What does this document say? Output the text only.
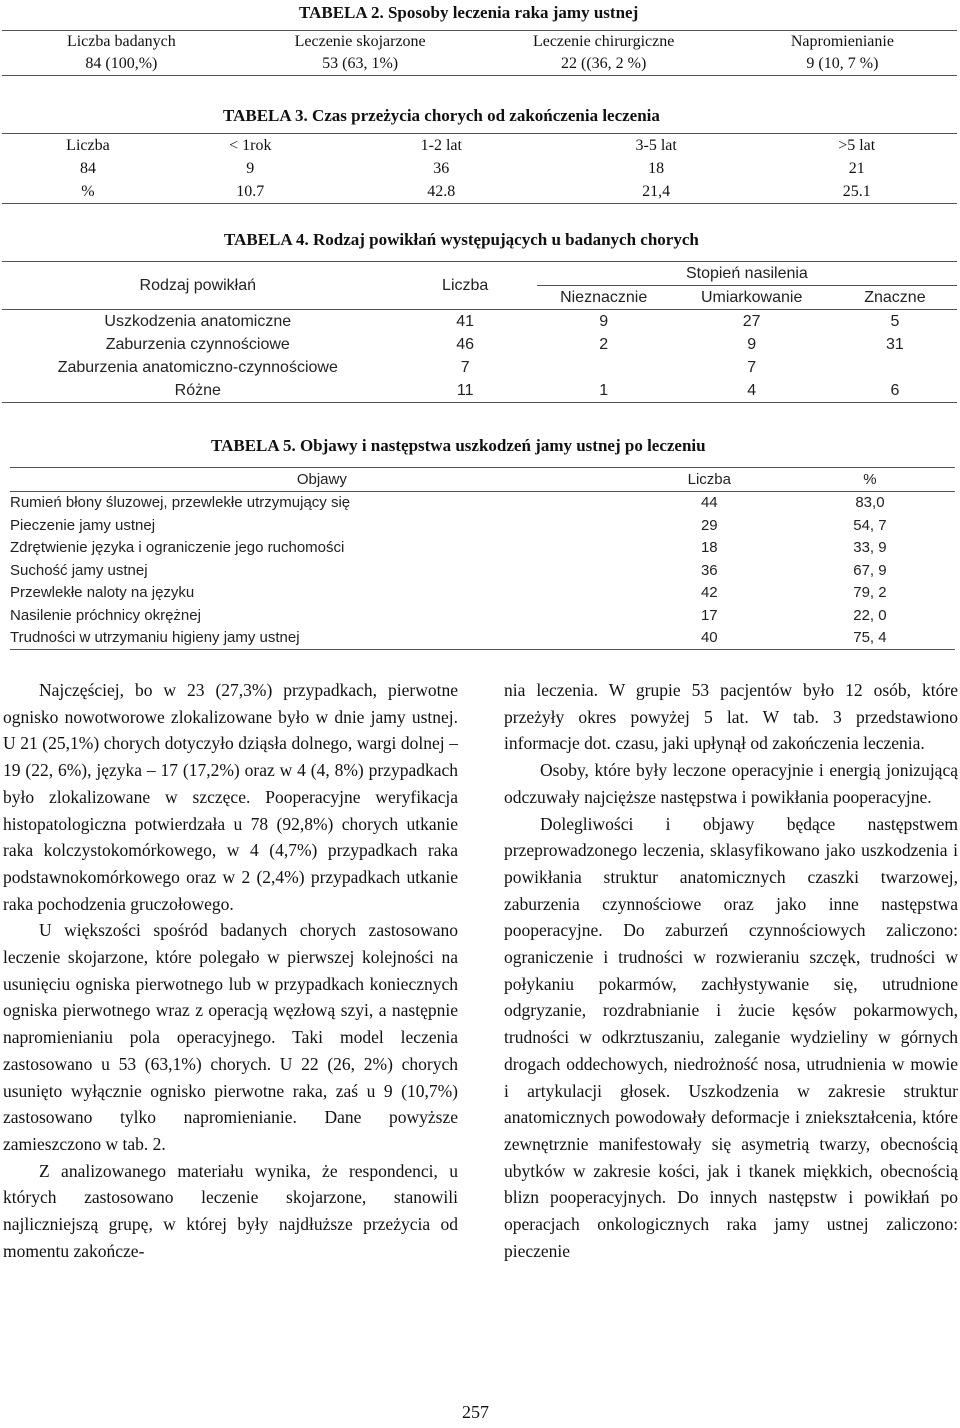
TABELA 2. Sposoby leczenia raka jamy ustnej
Liczba badanych	Leczenie skojarzone	Leczenie chirurgiczne	Napromienianie
84 (100,%)	53 (63, 1%)	22 ((36, 2 %)	9 (10, 7 %)
TABELA 3. Czas przeżycia chorych od zakończenia leczenia
Liczba	< 1rok	1-2 lat	3-5 lat	>5 lat
84	9	36	18	21
%	10.7	42.8	21,4	25.1
TABELA 4. Rodzaj powikłań występujących u badanych chorych
Rodzaj powikłań	Liczba	Stopień nasilenia		
		Nieznacznie	Umiarkowanie	Znaczne
Uszkodzenia anatomiczne	41	9	27	5
Zaburzenia czynnościowe	46	2	9	31
Zaburzenia anatomiczno-czynnościowe	7		7	
Różne	11	1	4	6
TABELA 5. Objawy i następstwa uszkodzeń jamy ustnej po leczeniu
Objawy	Liczba	%
Rumień błony śluzowej, przewlekłe utrzymujący się	44	83,0
Pieczenie jamy ustnej	29	54, 7
Zdrętwienie języka i ograniczenie jego ruchomości	18	33, 9
Suchość jamy ustnej	36	67, 9
Przewlekłe naloty na języku	42	79, 2
Nasilenie próchnicy okrężnej	17	22, 0
Trudności w utrzymaniu higieny jamy ustnej	40	75, 4

Najczęściej, bo w 23 (27,3%) przypadkach, pierwotne ognisko nowotworowe zlokalizowane było w dnie jamy ustnej. U 21 (25,1%) chorych dotyczyło dziąsła dolnego, wargi dolnej – 19 (22, 6%), języka – 17 (17,2%) oraz w 4 (4, 8%) przypadkach było zlokalizowane w szczęce. Pooperacyjne weryfikacja histopatologiczna potwierdzała u 78 (92,8%) chorych utkanie raka kolczystokomórkowego, w 4 (4,7%) przypadkach raka podstawnokomórkowego oraz w 2 (2,4%) przypadkach utkanie raka pochodzenia gruczołowego.

U większości spośród badanych chorych zastosowano leczenie skojarzone, które polegało w pierwszej kolejności na usunięciu ogniska pierwotnego lub w przypadkach koniecznych ogniska pierwotnego wraz z operacją węzłową szyi, a następnie napromienianiu pola operacyjnego. Taki model leczenia zastosowano u 53 (63,1%) chorych. U 22 (26, 2%) chorych usunięto wyłącznie ognisko pierwotne raka, zaś u 9 (10,7%) zastosowano tylko napromienianie. Dane powyższe zamieszczono w tab. 2.

Z analizowanego materiału wynika, że respondenci, u których zastosowano leczenie skojarzone, stanowili najliczniejszą grupę, w której były najdłuższe przeżycia od momentu zakończe-

nia leczenia. W grupie 53 pacjentów było 12 osób, które przeżyły okres powyżej 5 lat. W tab. 3 przedstawiono informacje dot. czasu, jaki upłynął od zakończenia leczenia.

Osoby, które były leczone operacyjnie i energią jonizującą odczuwały najcięższe następstwa i powikłania pooperacyjne.

Dolegliwości i objawy będące następstwem przeprowadzonego leczenia, sklasyfikowano jako uszkodzenia i powikłania struktur anatomicznych czaszki twarzowej, zaburzenia czynnościowe oraz jako inne następstwa pooperacyjne. Do zaburzeń czynnościowych zaliczono: ograniczenie i trudności w rozwieraniu szczęk, trudności w połykaniu pokarmów, zachłystywanie się, utrudnione odgryzanie, rozdrabnianie i żucie kęsów pokarmowych, trudności w odkrztuszaniu, zaleganie wydzieliny w górnych drogach oddechowych, niedrożność nosa, utrudnienia w mowie i artykulacji głosek. Uszkodzenia w zakresie struktur anatomicznych powodowały deformacje i zniekształcenia, które zewnętrznie manifestowały się asymetrią twarzy, obecnością ubytków w zakresie kości, jak i tkanek miękkich, obecnością blizn pooperacyjnych. Do innych następstw i powikłań po operacjach onkologicznych raka jamy ustnej zaliczono: pieczenie

257
